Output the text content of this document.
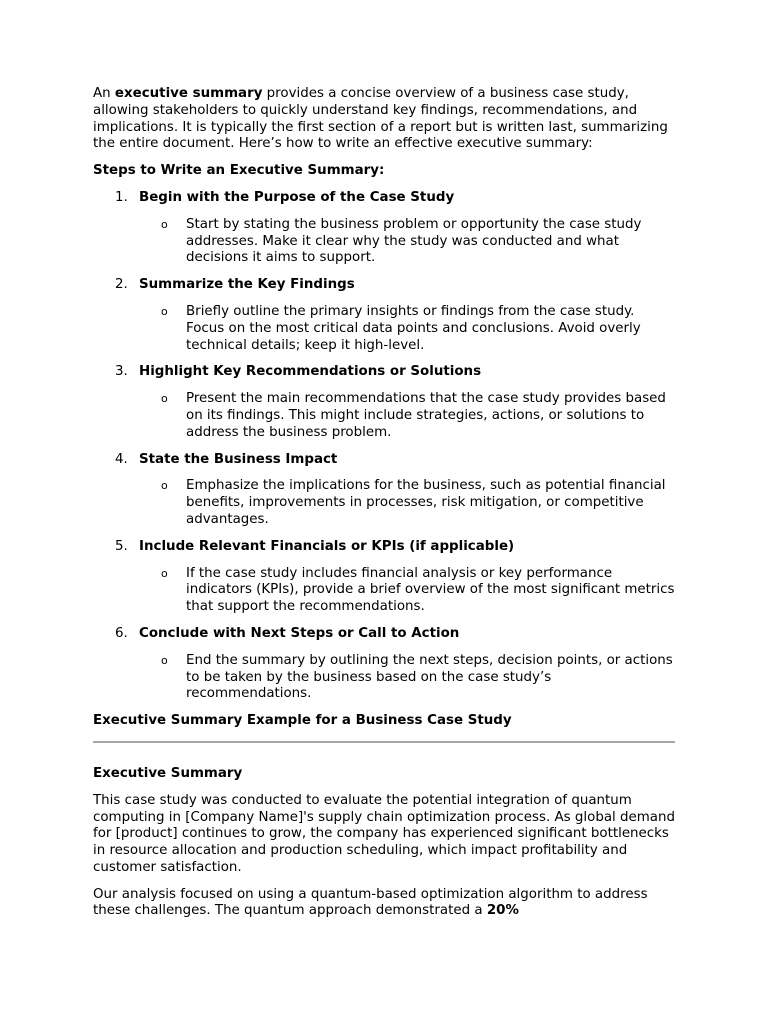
An executive summary provides a concise overview of a business case study, allowing stakeholders to quickly understand key findings, recommendations, and implications. It is typically the first section of a report but is written last, summarizing the entire document. Here’s how to write an effective executive summary:

Steps to Write an Executive Summary:

1. Begin with the Purpose of the Case Study
o Start by stating the business problem or opportunity the case study addresses. Make it clear why the study was conducted and what decisions it aims to support.
2. Summarize the Key Findings
o Briefly outline the primary insights or findings from the case study. Focus on the most critical data points and conclusions. Avoid overly technical details; keep it high-level.
3. Highlight Key Recommendations or Solutions
o Present the main recommendations that the case study provides based on its findings. This might include strategies, actions, or solutions to address the business problem.
4. State the Business Impact
o Emphasize the implications for the business, such as potential financial benefits, improvements in processes, risk mitigation, or competitive advantages.
5. Include Relevant Financials or KPIs (if applicable)
o If the case study includes financial analysis or key performance indicators (KPIs), provide a brief overview of the most significant metrics that support the recommendations.
6. Conclude with Next Steps or Call to Action
o End the summary by outlining the next steps, decision points, or actions to be taken by the business based on the case study’s recommendations.

Executive Summary Example for a Business Case Study

Executive Summary

This case study was conducted to evaluate the potential integration of quantum computing in [Company Name]'s supply chain optimization process. As global demand for [product] continues to grow, the company has experienced significant bottlenecks in resource allocation and production scheduling, which impact profitability and customer satisfaction.

Our analysis focused on using a quantum-based optimization algorithm to address these challenges. The quantum approach demonstrated a 20%
